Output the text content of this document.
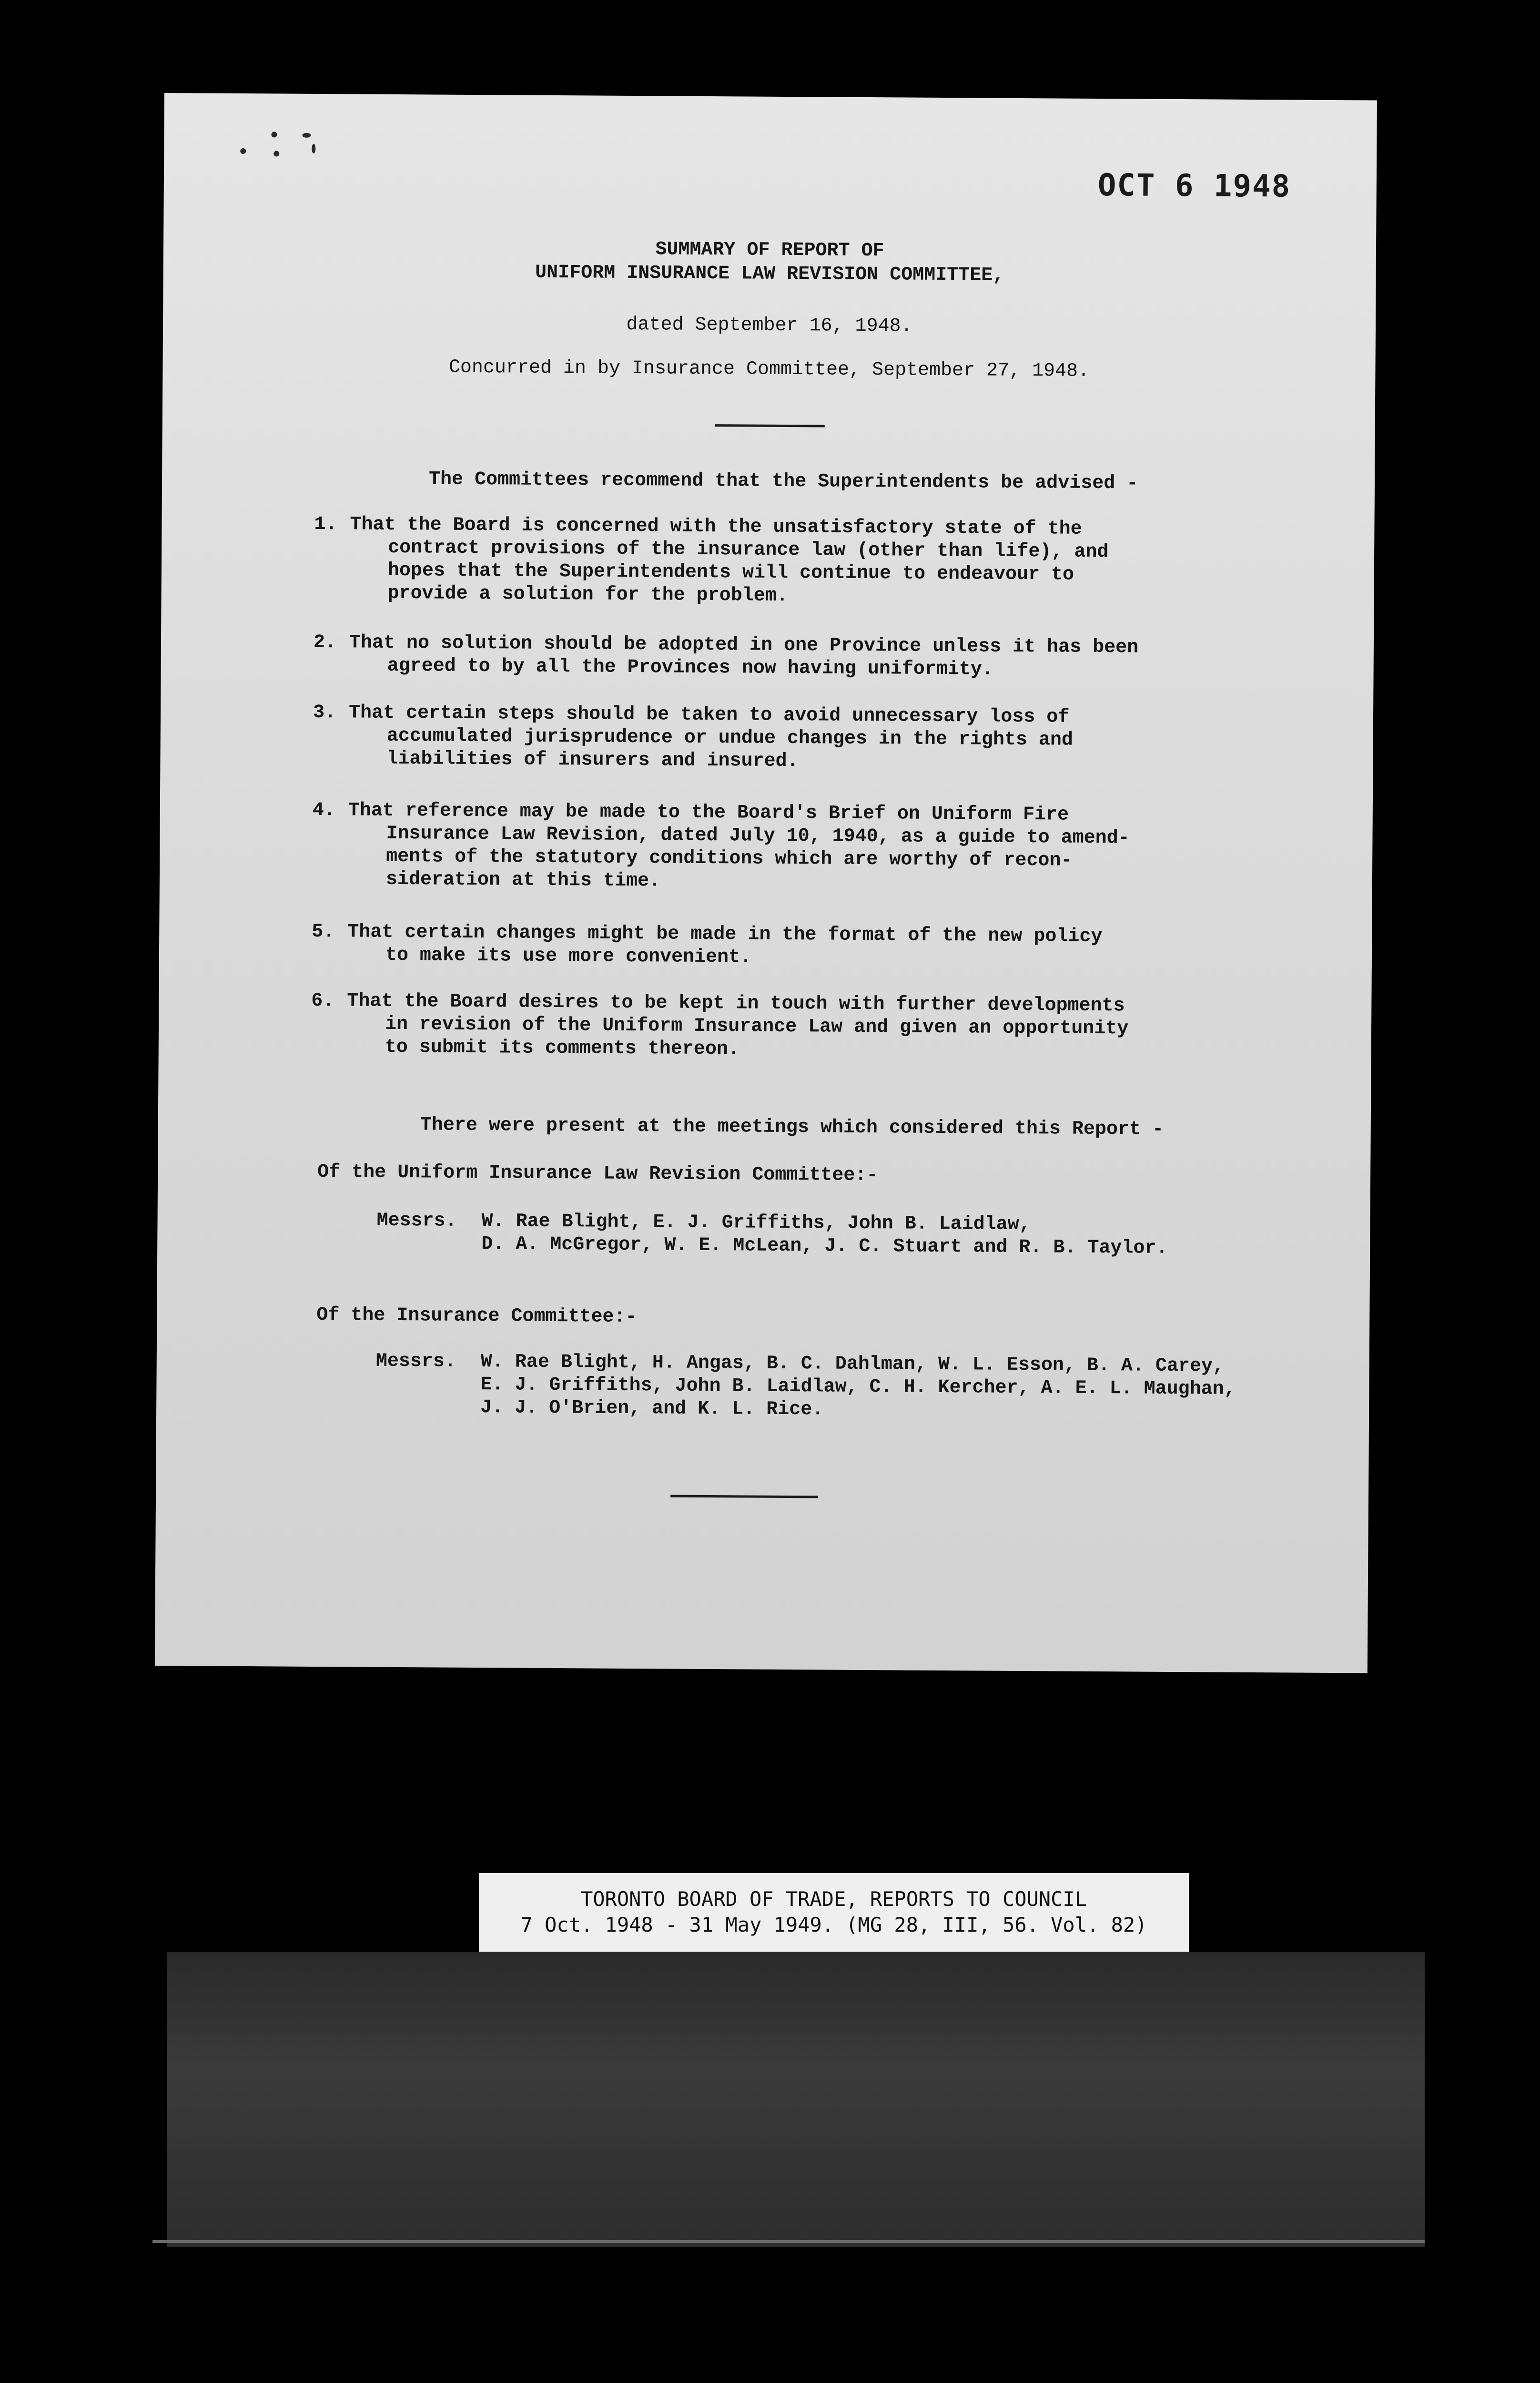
OCT 6 1948
SUMMARY OF REPORT OF
UNIFORM INSURANCE LAW REVISION COMMITTEE,
dated September 16, 1948.
Concurred in by Insurance Committee, September 27, 1948.
The Committees recommend that the Superintendents be advised -
1. That the Board is concerned with the unsatisfactory state of the
contract provisions of the insurance law (other than life), and
hopes that the Superintendents will continue to endeavour to
provide a solution for the problem.
2. That no solution should be adopted in one Province unless it has been
agreed to by all the Provinces now having uniformity.
3. That certain steps should be taken to avoid unnecessary loss of
accumulated jurisprudence or undue changes in the rights and
liabilities of insurers and insured.
4. That reference may be made to the Board's Brief on Uniform Fire
Insurance Law Revision, dated July 10, 1940, as a guide to amend-
ments of the statutory conditions which are worthy of recon-
sideration at this time.
5. That certain changes might be made in the format of the new policy
to make its use more convenient.
6. That the Board desires to be kept in touch with further developments
in revision of the Uniform Insurance Law and given an opportunity
to submit its comments thereon.
There were present at the meetings which considered this Report -
Of the Uniform Insurance Law Revision Committee:-
Messrs. W. Rae Blight, E. J. Griffiths, John B. Laidlaw,
D. A. McGregor, W. E. McLean, J. C. Stuart and R. B. Taylor.
Of the Insurance Committee:-
Messrs. W. Rae Blight, H. Angas, B. C. Dahlman, W. L. Esson, B. A. Carey,
E. J. Griffiths, John B. Laidlaw, C. H. Kercher, A. E. L. Maughan,
J. J. O'Brien, and K. L. Rice.
TORONTO BOARD OF TRADE, REPORTS TO COUNCIL
7 Oct. 1948 - 31 May 1949. (MG 28, III, 56. Vol. 82)
